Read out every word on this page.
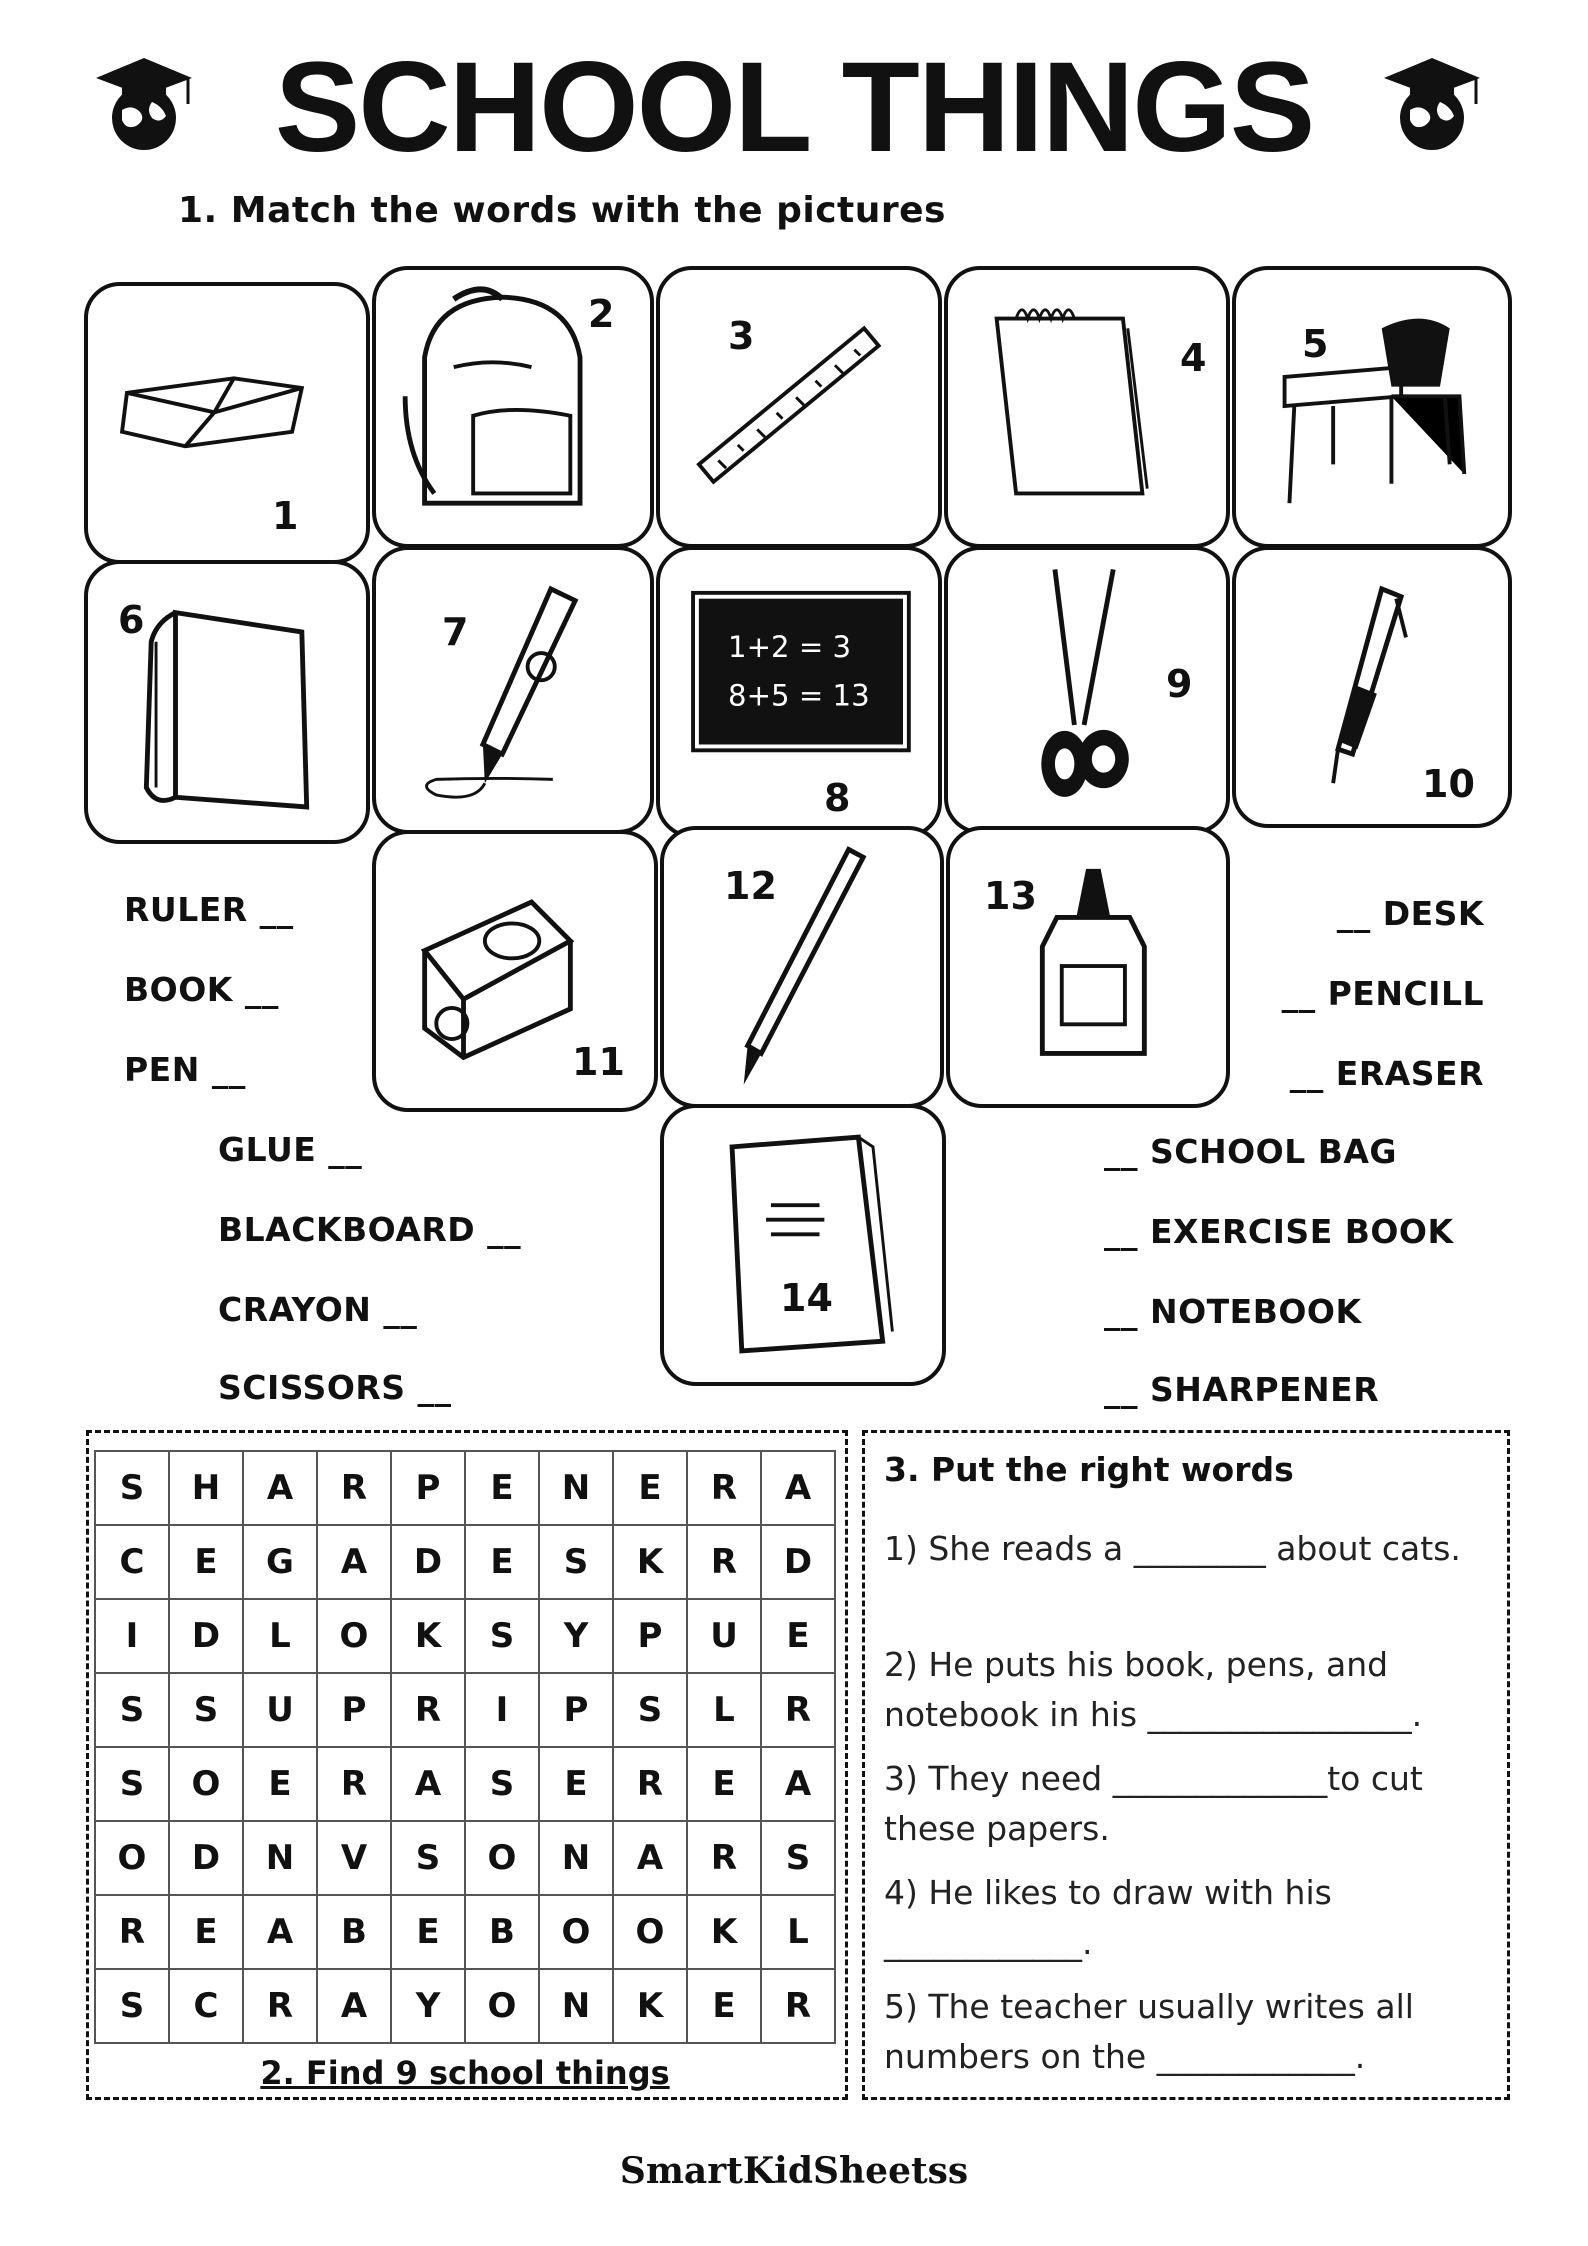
SCHOOL THINGS
1. Match the words with the pictures
1
2	3	4	5
6	7	1+2 = 3
8+5 = 13
8
9
10
11
12	13
14
RULER __
BOOK __
PEN __
GLUE __
BLACKBOARD __
CRAYON __
SCISSORS __
__ DESK
__ PENCILL
__ ERASER
__ SCHOOL BAG
__ EXERCISE BOOK
__ NOTEBOOK
__ SHARPENER
S	H	A	R	P	E	N	E	R	A
C	E	G	A	D	E	S	K	R	D
I	D	L	O	K	S	Y	P	U	E
S	S	U	P	R	I	P	S	L	R
S	O	E	R	A	S	E	R	E	A
O	D	N	V	S	O	N	A	R	S
R	E	A	B	E	B	O	O	K	L
S	C	R	A	Y	O	N	K	E	R
2. Find 9 school things
3. Put the right words
1) She reads a ________ about cats.
2) He puts his book, pens, and notebook in his ________________.
3) They need _____________to cut these papers.
4) He likes to draw with his ____________.
5) The teacher usually writes all numbers on the ____________.
SmartKidSheetss
